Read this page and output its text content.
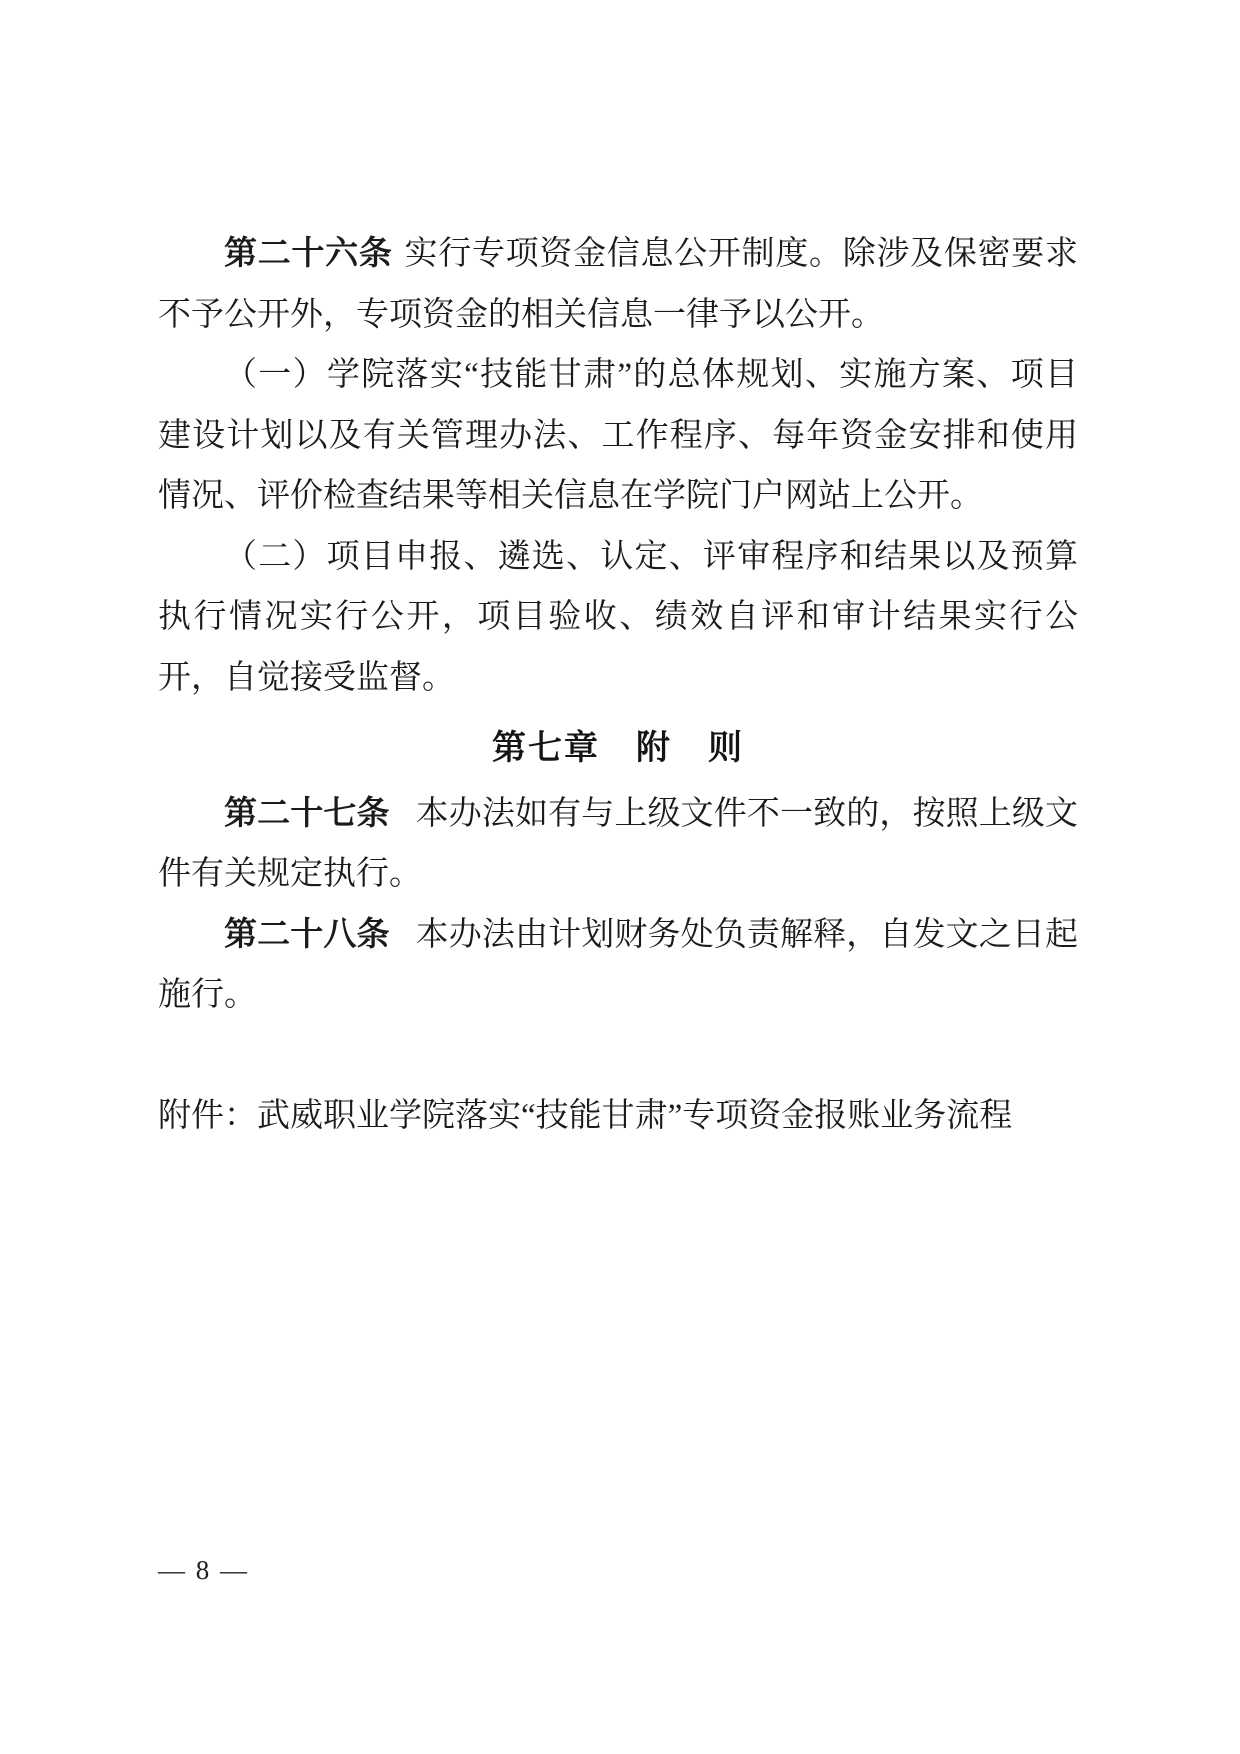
第二十六条 实行专项资金信息公开制度。除涉及保密要求不予公开外，专项资金的相关信息一律予以公开。

（一）学院落实“技能甘肃”的总体规划、实施方案、项目建设计划以及有关管理办法、工作程序、每年资金安排和使用情况、评价检查结果等相关信息在学院门户网站上公开。

（二）项目申报、遴选、认定、评审程序和结果以及预算执行情况实行公开，项目验收、绩效自评和审计结果实行公开，自觉接受监督。

第七章　附　则

第二十七条 本办法如有与上级文件不一致的，按照上级文件有关规定执行。

第二十八条 本办法由计划财务处负责解释，自发文之日起施行。

附件：武威职业学院落实“技能甘肃”专项资金报账业务流程

— 8 —
